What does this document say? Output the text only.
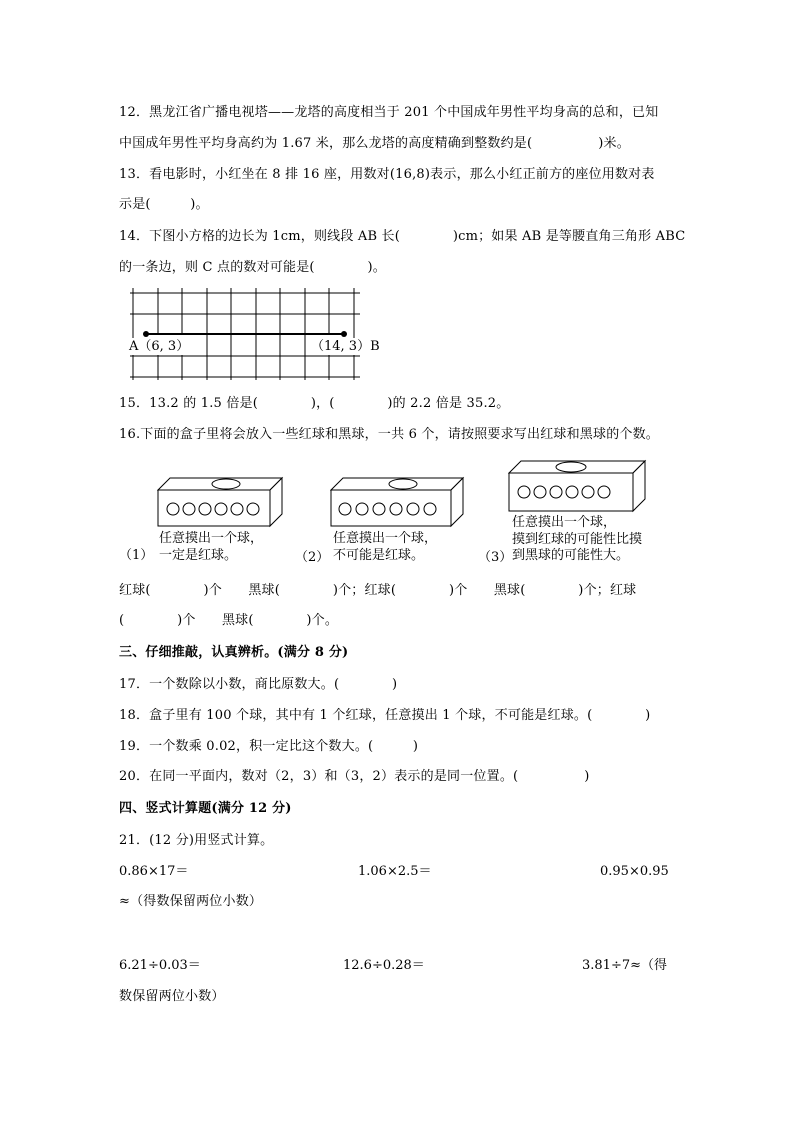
12．黑龙江省广播电视塔——龙塔的高度相当于 201 个中国成年男性平均身高的总和，已知
中国成年男性平均身高约为 1.67 米，那么龙塔的高度精确到整数约是(　　　　　)米。
13．看电影时，小红坐在 8 排 16 座，用数对(16,8)表示，那么小红正前方的座位用数对表
示是(　　　)。
14．下图小方格的边长为 1cm，则线段 AB 长(　　　　)cm；如果 AB 是等腰直角三角形 ABC
的一条边，则 C 点的数对可能是(　　　　)。
A（6, 3）	（14, 3）B
15．13.2 的 1.5 倍是(　　　　)，(　　　　)的 2.2 倍是 35.2。
16.下面的盒子里将会放入一些红球和黑球，一共 6 个，请按照要求写出红球和黑球的个数。
任意摸出一个球，
（1） 一定是红球。
任意摸出一个球，
（2） 不可能是红球。
任意摸出一个球，
摸到红球的可能性比摸
（3） 到黑球的可能性大。
红球(　　　　)个　　黑球(　　　　)个；红球(　　　　)个　　黑球(　　　　)个；红球
(　　　　)个　　黑球(　　　　)个。
三、仔细推敲，认真辨析。(满分 8 分)
17．一个数除以小数，商比原数大。(　　　　)
18．盒子里有 100 个球，其中有 1 个红球，任意摸出 1 个球，不可能是红球。(　　　　)
19．一个数乘 0.02，积一定比这个数大。(　　　)
20．在同一平面内，数对（2，3）和（3，2）表示的是同一位置。(　　　　　)
四、竖式计算题(满分 12 分)
21．(12 分)用竖式计算。
0.86×17＝	1.06×2.5＝	0.95×0.95
≈（得数保留两位小数）
6.21÷0.03＝	12.6÷0.28＝	3.81÷7≈（得
数保留两位小数）
